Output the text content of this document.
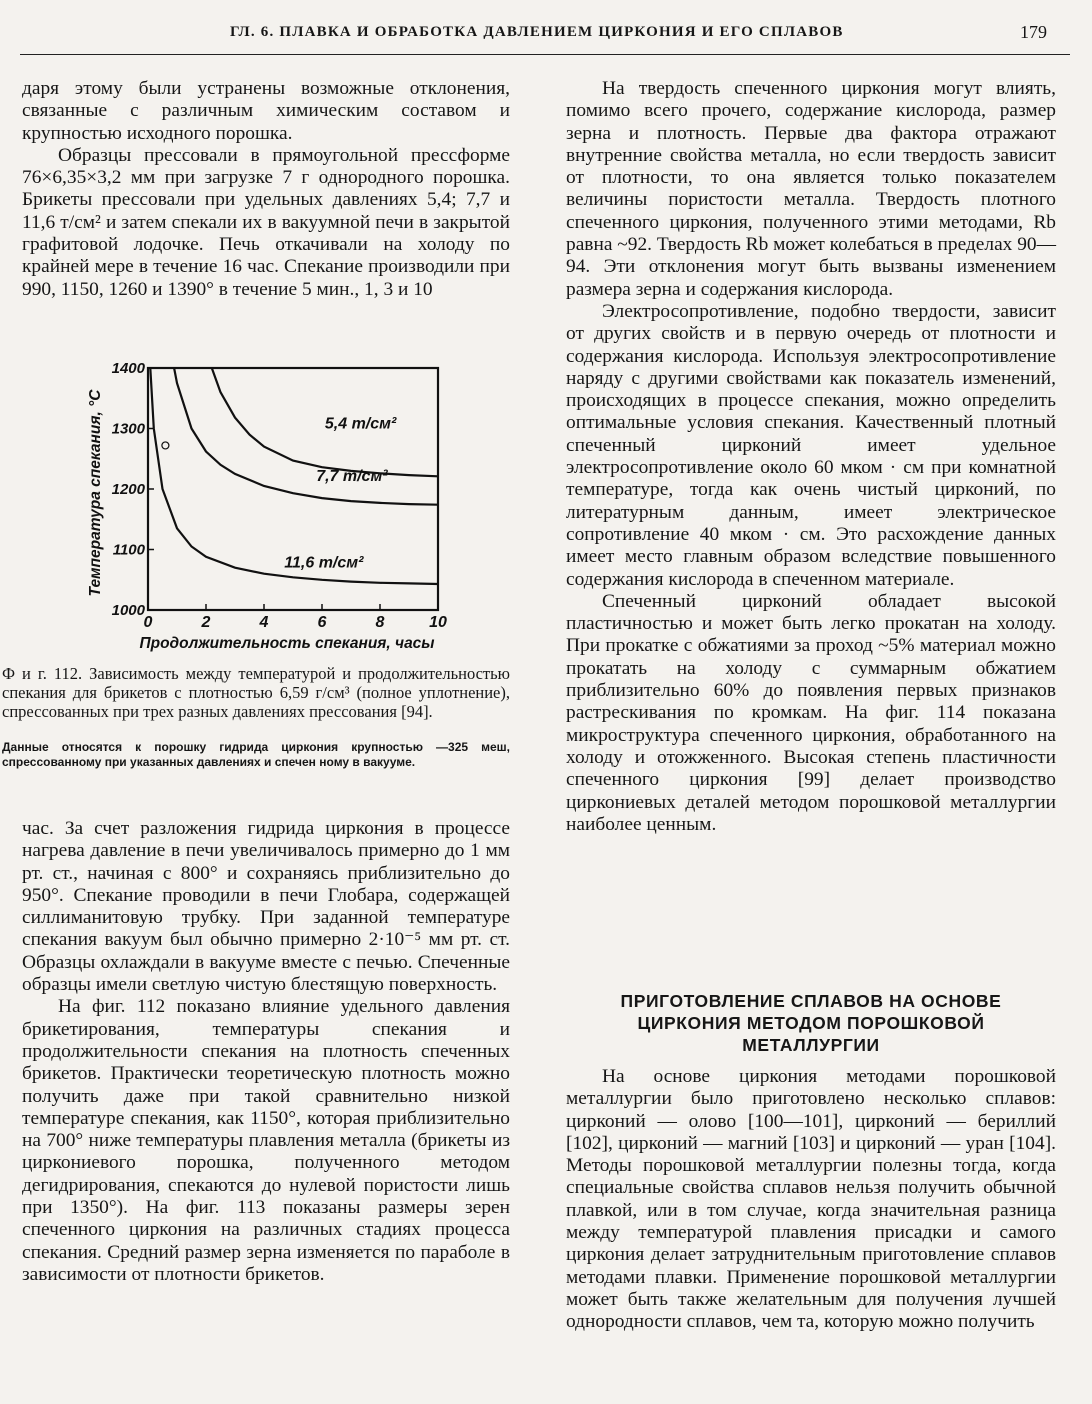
ГЛ. 6. ПЛАВКА И ОБРАБОТКА ДАВЛЕНИЕМ ЦИРКОНИЯ И ЕГО СПЛАВОВ	179

даря этому были устранены возможные отклонения, связанные с различным химическим составом и крупностью исходного порошка.

Образцы прессовали в прямоугольной прессформе 76×6,35×3,2 мм при загрузке 7 г однородного порошка. Брикеты прессовали при удельных давлениях 5,4; 7,7 и 11,6 т/см² и затем спекали их в вакуумной печи в закрытой графитовой лодочке. Печь откачивали на холоду по крайней мере в течение 16 час. Спекание производили при 990, 1150, 1260 и 1390° в течение 5 мин., 1, 3 и 10

0	2	4	6	8	10
1000
1100
1200
1300
1400
Продолжительность спекания, часы
Температура спекания, °С	5,4 т/см²
7,7 т/см²
11,6 т/см²
Ф и г. 112. Зависимость между температурой и продолжительностью спекания для брикетов с плотностью 6,59 г/см³ (полное уплотнение), спрессованных при трех разных давлениях прессования [94].
Данные относятся к порошку гидрида циркония крупностью —325 меш, спрессованному при указанных давлениях и спечен ному в вакууме.

час. За счет разложения гидрида циркония в процессе нагрева давление в печи увеличивалось примерно до 1 мм рт. ст., начиная с 800° и сохраняясь приблизительно до 950°. Спекание проводили в печи Глобара, содержащей силлиманитовую трубку. При заданной температуре спекания вакуум был обычно примерно 2·10⁻⁵ мм рт. ст. Образцы охлаждали в вакууме вместе с печью. Спеченные образцы имели светлую чистую блестящую поверхность.

На фиг. 112 показано влияние удельного давления брикетирования, температуры спекания и продолжительности спекания на плотность спеченных брикетов. Практически теоретическую плотность можно получить даже при такой сравнительно низкой температуре спекания, как 1150°, которая приблизительно на 700° ниже температуры плавления металла (брикеты из циркониевого порошка, полученного методом дегидрирования, спекаются до нулевой пористости лишь при 1350°). На фиг. 113 показаны размеры зерен спеченного циркония на различных стадиях процесса спекания. Средний размер зерна изменяется по параболе в зависимости от плотности брикетов.

На твердость спеченного циркония могут влиять, помимо всего прочего, содержание кислорода, размер зерна и плотность. Первые два фактора отражают внутренние свойства металла, но если твердость зависит от плотности, то она является только показателем величины пористости металла. Твердость плотного спеченного циркония, полученного этими методами, Rb равна ~92. Твердость Rb может колебаться в пределах 90—94. Эти отклонения могут быть вызваны изменением размера зерна и содержания кислорода.

Электросопротивление, подобно твердости, зависит от других свойств и в первую очередь от плотности и содержания кислорода. Используя электросопротивление наряду с другими свойствами как показатель изменений, происходящих в процессе спекания, можно определить оптимальные условия спекания. Качественный плотный спеченный цирконий имеет удельное электросопротивление около 60 мком · см при комнатной температуре, тогда как очень чистый цирконий, по литературным данным, имеет электрическое сопротивление 40 мком · см. Это расхождение данных имеет место главным образом вследствие повышенного содержания кислорода в спеченном материале.

Спеченный цирконий обладает высокой пластичностью и может быть легко прокатан на холоду. При прокатке с обжатиями за проход ~5% материал можно прокатать на холоду с суммарным обжатием приблизительно 60% до появления первых признаков растрескивания по кромкам. На фиг. 114 показана микроструктура спеченного циркония, обработанного на холоду и отожженного. Высокая степень пластичности спеченного циркония [99] делает производство циркониевых деталей методом порошковой металлургии наиболее ценным.

ПРИГОТОВЛЕНИЕ СПЛАВОВ НА ОСНОВЕ ЦИРКОНИЯ МЕТОДОМ ПОРОШКОВОЙ МЕТАЛЛУРГИИ

На основе циркония методами порошковой металлургии было приготовлено несколько сплавов: цирконий — олово [100—101], цирконий — бериллий [102], цирконий — магний [103] и цирконий — уран [104]. Методы порошковой металлургии полезны тогда, когда специальные свойства сплавов нельзя получить обычной плавкой, или в том случае, когда значительная разница между температурой плавления присадки и самого циркония делает затруднительным приготовление сплавов методами плавки. Применение порошковой металлургии может быть также желательным для получения лучшей однородности сплавов, чем та, которую можно получить
